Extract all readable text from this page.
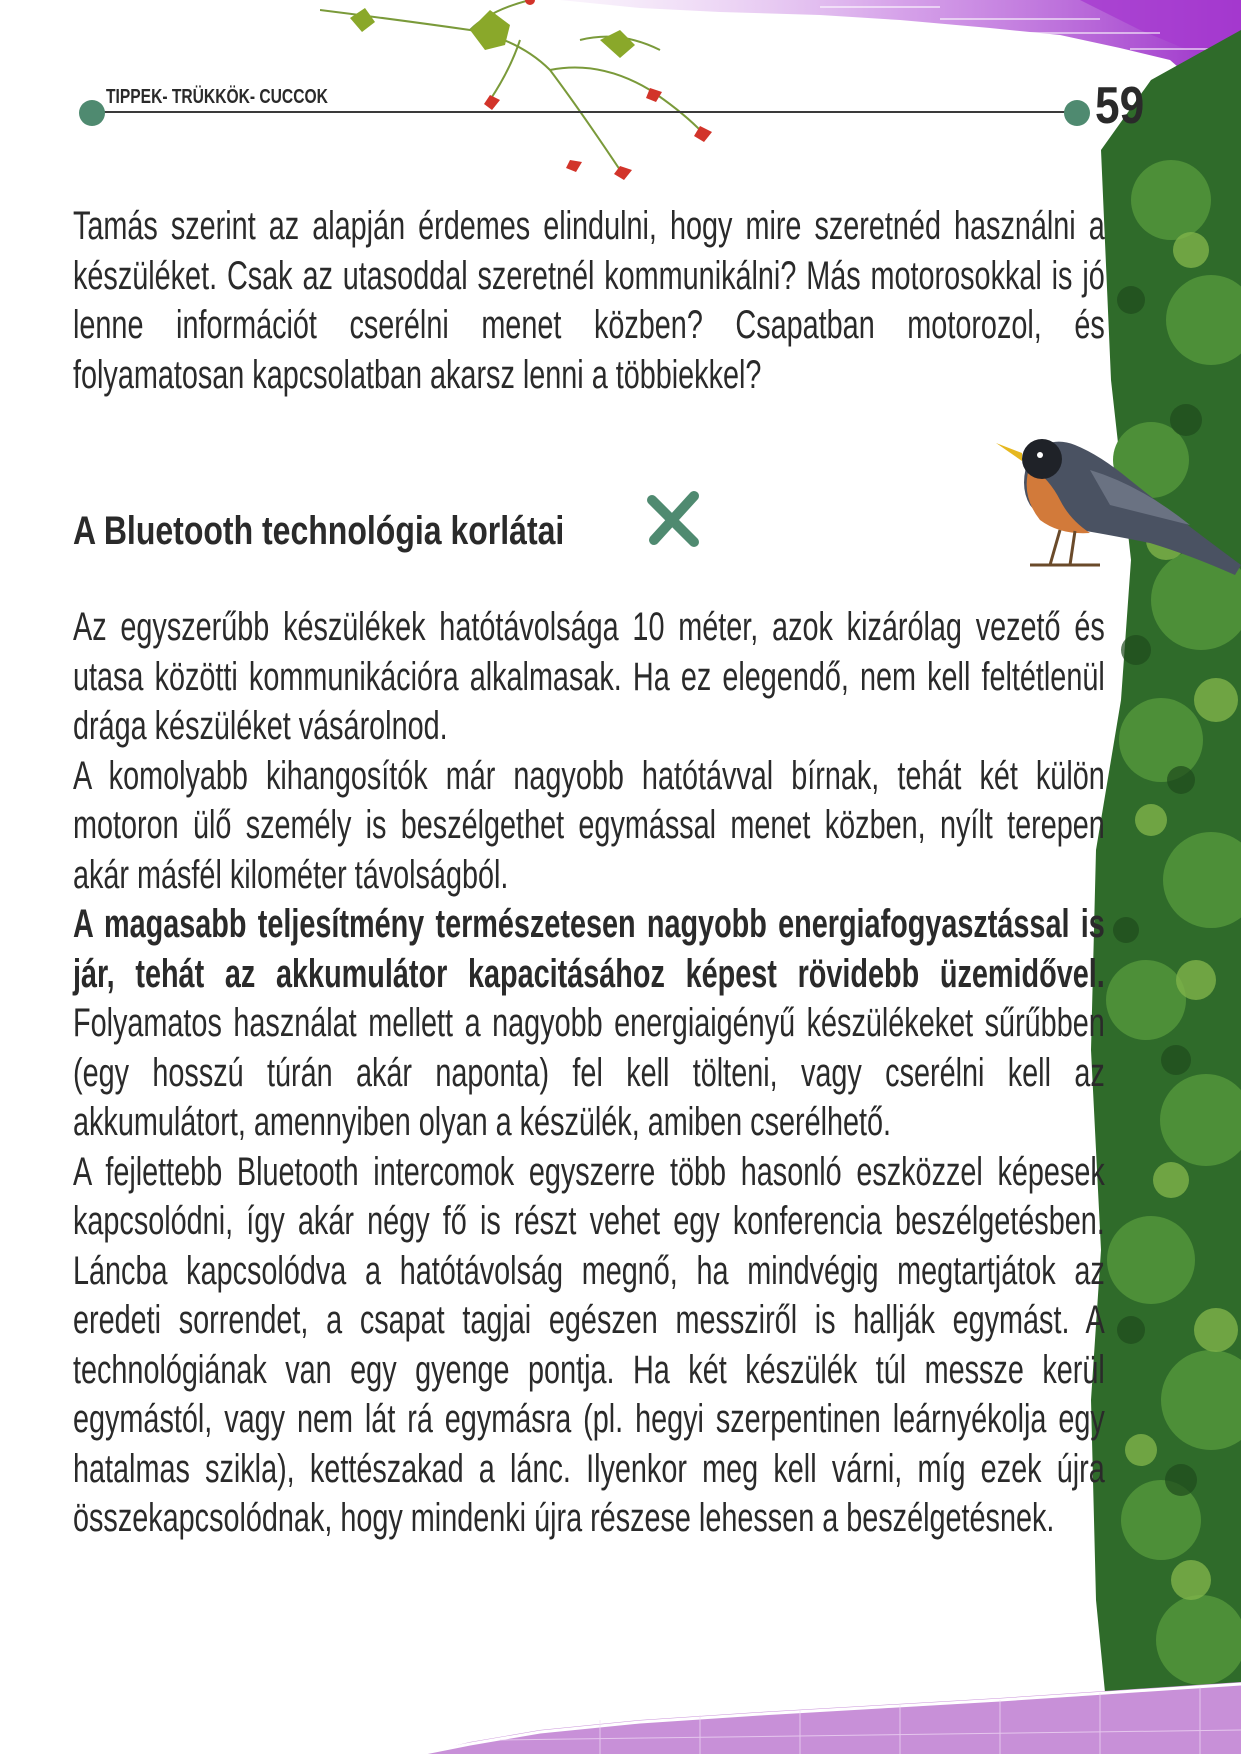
TIPPEK- TRÜKKÖK- CUCCOK	59

Tamás szerint az alapján érdemes elindulni, hogy mire szeretnéd használni a készüléket. Csak az utasoddal szeretnél kommunikálni? Más motorosokkal is jó lenne információt cserélni menet közben? Csapatban motorozol, és folyamatosan kapcsolatban akarsz lenni a többiekkel?

A Bluetooth technológia korlátai

Az egyszerűbb készülékek hatótávolsága 10 méter, azok kizárólag vezető és utasa közötti kommunikációra alkalmasak. Ha ez elegendő, nem kell feltétlenül drága készüléket vásárolnod.

A komolyabb kihangosítók már nagyobb hatótávval bírnak, tehát két külön motoron ülő személy is beszélgethet egymással menet közben, nyílt terepen akár másfél kilométer távolságból.

A magasabb teljesítmény természetesen nagyobb energiafogyasztással is jár, tehát az akkumulátor kapacitásához képest rövidebb üzemidővel. Folyamatos használat mellett a nagyobb energiaigényű készülékeket sűrűbben (egy hosszú túrán akár naponta) fel kell tölteni, vagy cserélni kell az akkumulátort, amennyiben olyan a készülék, amiben cserélhető.

A fejlettebb Bluetooth intercomok egyszerre több hasonló eszközzel képesek kapcsolódni, így akár négy fő is részt vehet egy konferencia beszélgetésben. Láncba kapcsolódva a hatótávolság megnő, ha mindvégig megtartjátok az eredeti sorrendet, a csapat tagjai egészen messziről is hallják egymást. A technológiának van egy gyenge pontja. Ha két készülék túl messze kerül egymástól, vagy nem lát rá egymásra (pl. hegyi szerpentinen leárnyékolja egy hatalmas szikla), kettészakad a lánc. Ilyenkor meg kell várni, míg ezek újra összekapcsolódnak, hogy mindenki újra részese lehessen a beszélgetésnek.
